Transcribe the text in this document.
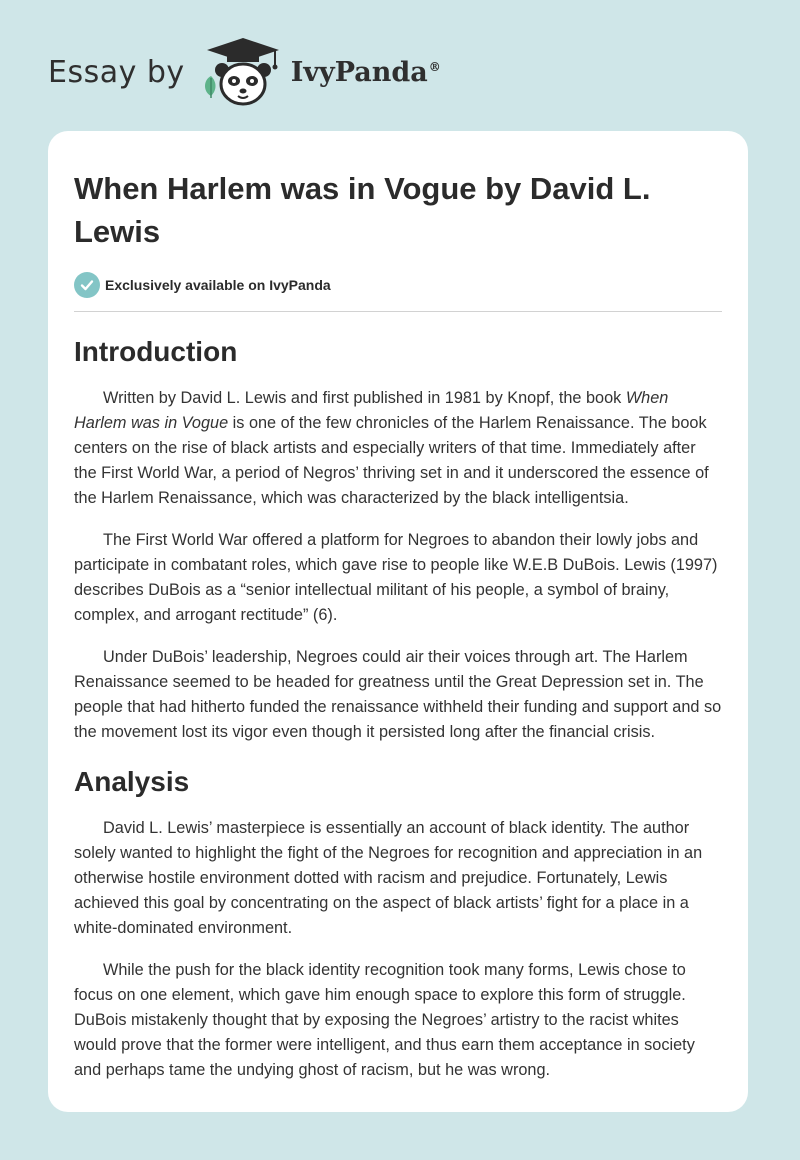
Essay by	IvyPanda®
When Harlem was in Vogue by David L. Lewis
Exclusively available on IvyPanda
Introduction

Written by David L. Lewis and first published in 1981 by Knopf, the book When Harlem was in Vogue is one of the few chronicles of the Harlem Renaissance. The book centers on the rise of black artists and especially writers of that time. Immediately after the First World War, a period of Negros’ thriving set in and it underscored the essence of the Harlem Renaissance, which was characterized by the black intelligentsia.

The First World War offered a platform for Negroes to abandon their lowly jobs and participate in combatant roles, which gave rise to people like W.E.B DuBois. Lewis (1997) describes DuBois as a “senior intellectual militant of his people, a symbol of brainy, complex, and arrogant rectitude” (6).

Under DuBois’ leadership, Negroes could air their voices through art. The Harlem Renaissance seemed to be headed for greatness until the Great Depression set in. The people that had hitherto funded the renaissance withheld their funding and support and so the movement lost its vigor even though it persisted long after the financial crisis.

Analysis

David L. Lewis’ masterpiece is essentially an account of black identity. The author solely wanted to highlight the fight of the Negroes for recognition and appreciation in an otherwise hostile environment dotted with racism and prejudice. Fortunately, Lewis achieved this goal by concentrating on the aspect of black artists’ fight for a place in a white-dominated environment.

While the push for the black identity recognition took many forms, Lewis chose to focus on one element, which gave him enough space to explore this form of struggle. DuBois mistakenly thought that by exposing the Negroes’ artistry to the racist whites would prove that the former were intelligent, and thus earn them acceptance in society and perhaps tame the undying ghost of racism, but he was wrong.
